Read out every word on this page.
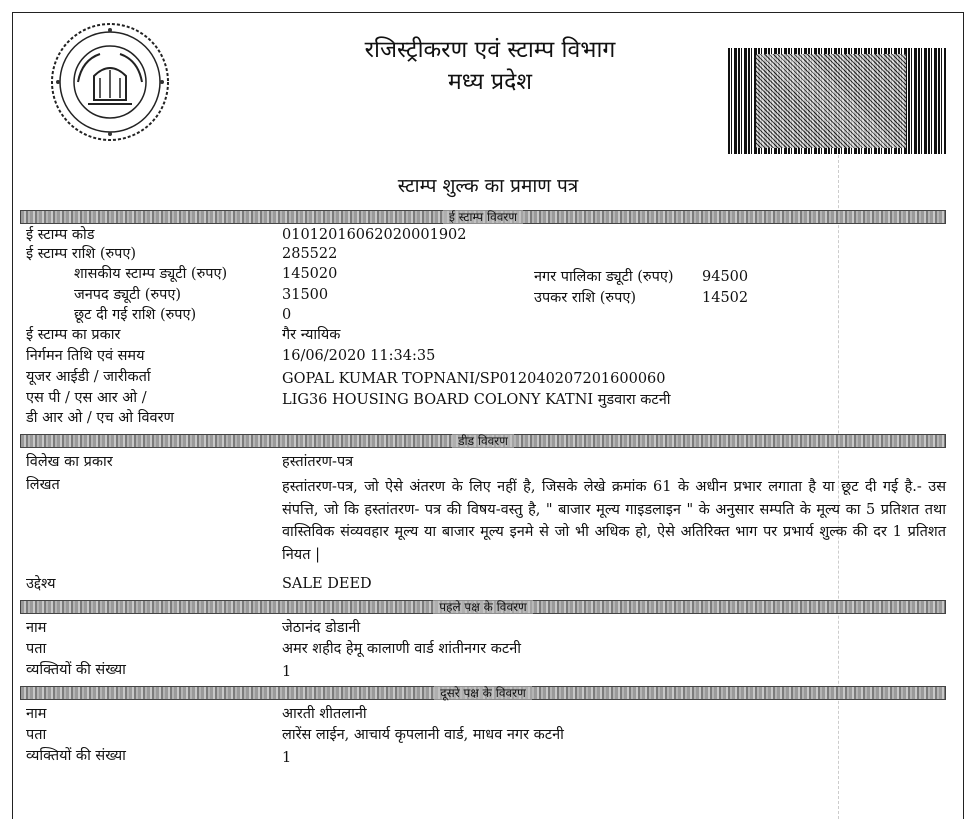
रजिस्ट्रीकरण एवं स्टाम्प विभाग
मध्य प्रदेश
स्टाम्प शुल्क का प्रमाण पत्र
ई स्टाम्प विवरण
ई स्टाम्प कोड	01012016062020001902
ई स्टाम्प राशि (रुपए)	285522
शासकीय स्टाम्प ड्यूटी (रुपए)	145020	नगर पालिका ड्यूटी (रुपए) 94500
जनपद ड्यूटी (रुपए)	31500	उपकर राशि (रुपए)	14502
छूट दी गई राशि (रुपए)	0
ई स्टाम्प का प्रकार	गैर न्यायिक
निर्गमन तिथि एवं समय	16/06/2020 11:34:35
यूजर आईडी / जारीकर्ता	GOPAL KUMAR TOPNANI/SP012040207201600060
एस पी / एस आर ओ /	LIG36 HOUSING BOARD COLONY KATNI मुडवारा कटनी
डी आर ओ / एच ओ विवरण
डीड विवरण
विलेख का प्रकार	हस्तांतरण-पत्र
लिखत	हस्तांतरण-पत्र, जो ऐसे अंतरण के लिए नहीं है, जिसके लेखे क्रमांक 61 के अधीन प्रभार लगाता है या छूट दी गई है.- उस संपत्ति, जो कि हस्तांतरण- पत्र की विषय-वस्तु है, " बाजार मूल्य गाइडलाइन " के अनुसार सम्पति के मूल्य का 5 प्रतिशत तथा वास्तिविक संव्यवहार मूल्य या बाजार मूल्य इनमे से जो भी अधिक हो, ऐसे अतिरिक्त भाग पर प्रभार्य शुल्क की दर 1 प्रतिशत नियत |
उद्देश्य	SALE DEED
पहले पक्ष के विवरण
नाम	जेठानंद डोडानी
पता	अमर शहीद हेमू कालाणी वार्ड शांतीनगर कटनी
व्यक्तियों की संख्या	1
दूसरे पक्ष के विवरण
नाम	आरती शीतलानी
पता	लारेंस लाईन, आचार्य कृपलानी वार्ड, माधव नगर कटनी
व्यक्तियों की संख्या	1
